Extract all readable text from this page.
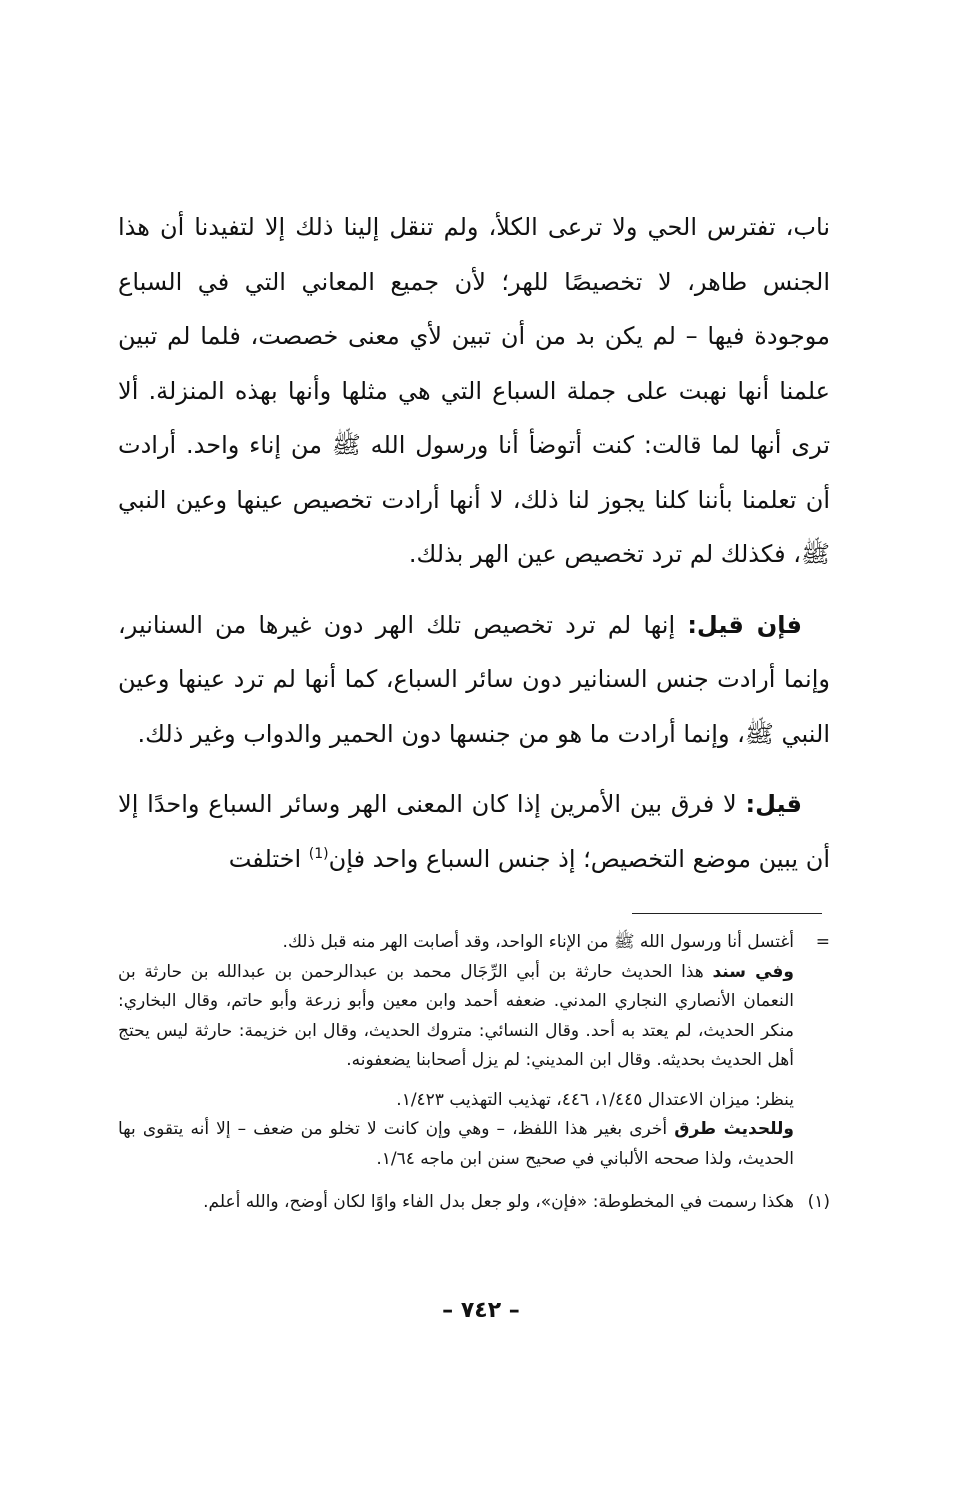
ناب، تفترس الحي ولا ترعى الكلأ، ولم تنقل إلينا ذلك إلا لتفيدنا أن هذا الجنس طاهر، لا تخصيصًا للهر؛ لأن جميع المعاني التي في السباع موجودة فيها – لم يكن بد من أن تبين لأي معنى خصصت، فلما لم تبين علمنا أنها نهبت على جملة السباع التي هي مثلها وأنها بهذه المنزلة. ألا ترى أنها لما قالت: كنت أتوضأ أنا ورسول الله ﷺ من إناء واحد. أرادت أن تعلمنا بأننا كلنا يجوز لنا ذلك، لا أنها أرادت تخصيص عينها وعين النبي ﷺ، فكذلك لم ترد تخصيص عين الهر بذلك.

فإن قيل: إنها لم ترد تخصيص تلك الهر دون غيرها من السنانير، وإنما أرادت جنس السنانير دون سائر السباع، كما أنها لم ترد عينها وعين النبي ﷺ، وإنما أرادت ما هو من جنسها دون الحمير والدواب وغير ذلك.

قيل: لا فرق بين الأمرين إذا كان المعنى الهر وسائر السباع واحدًا إلا أن يبين موضع التخصيص؛ إذ جنس السباع واحد فإن$^{(1)}$ اختلفت

=

أغتسل أنا ورسول الله ﷺ من الإناء الواحد، وقد أصابت الهر منه قبل ذلك.

وفي سند هذا الحديث حارثة بن أبي الرِّجَال محمد بن عبدالرحمن بن عبدالله بن حارثة بن النعمان الأنصاري النجاري المدني. ضعفه أحمد وابن معين وأبو زرعة وأبو حاتم، وقال البخاري: منكر الحديث، لم يعتد به أحد. وقال النسائي: متروك الحديث، وقال ابن خزيمة: حارثة ليس يحتج أهل الحديث بحديثه. وقال ابن المديني: لم يزل أصحابنا يضعفونه.

ينظر: ميزان الاعتدال ١/٤٤٥، ٤٤٦، تهذيب التهذيب ١/٤٢٣.

وللحديث طرق أخرى بغير هذا اللفظ، – وهي وإن كانت لا تخلو من ضعف – إلا أنه يتقوى بها الحديث، ولذا صححه الألباني في صحيح سنن ابن ماجه ١/٦٤.

(١)
هكذا رسمت في المخطوطة: «فإن»، ولو جعل بدل الفاء واوًا لكان أوضح، والله أعلم.
– ٧٤٢ –
